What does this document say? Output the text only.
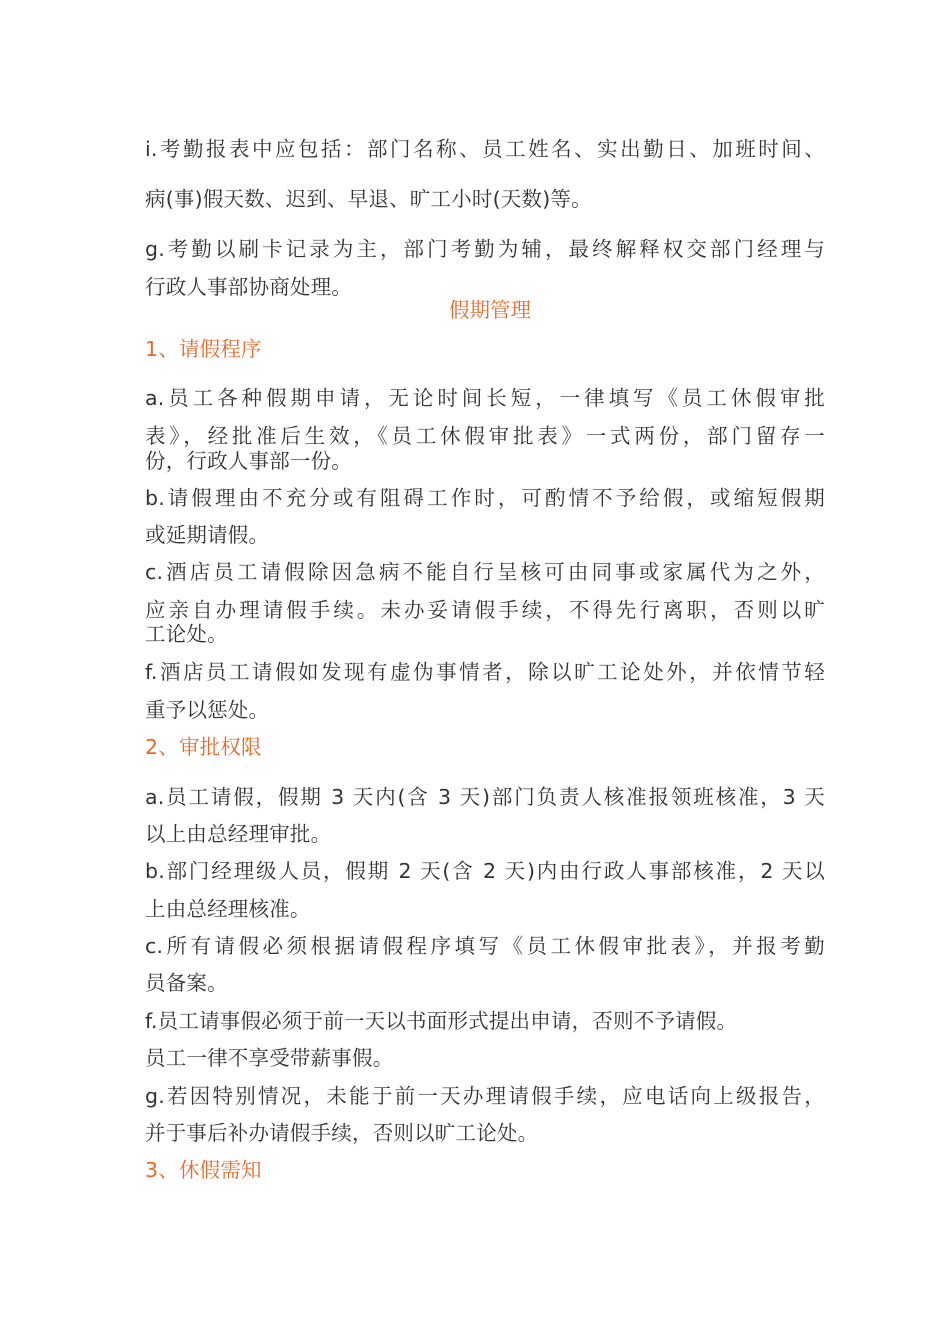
i.考勤报表中应包括：部门名称、员工姓名、实出勤日、加班时间、
病(事)假天数、迟到、早退、旷工小时(天数)等。
g.考勤以刷卡记录为主，部门考勤为辅，最终解释权交部门经理与
行政人事部协商处理。
假期管理
1、请假程序
a.员工各种假期申请，无论时间长短，一律填写《员工休假审批
表》，经批准后生效，《员工休假审批表》一式两份，部门留存一
份，行政人事部一份。
b.请假理由不充分或有阻碍工作时，可酌情不予给假，或缩短假期
或延期请假。
c.酒店员工请假除因急病不能自行呈核可由同事或家属代为之外，
应亲自办理请假手续。未办妥请假手续，不得先行离职，否则以旷
工论处。
f.酒店员工请假如发现有虚伪事情者，除以旷工论处外，并依情节轻
重予以惩处。
2、审批权限
a.员工请假，假期 3 天内(含 3 天)部门负责人核准报领班核准，3 天
以上由总经理审批。
b.部门经理级人员，假期 2 天(含 2 天)内由行政人事部核准，2 天以
上由总经理核准。
c.所有请假必须根据请假程序填写《员工休假审批表》，并报考勤
员备案。
f.员工请事假必须于前一天以书面形式提出申请，否则不予请假。
员工一律不享受带薪事假。
g.若因特别情况，未能于前一天办理请假手续，应电话向上级报告，
并于事后补办请假手续，否则以旷工论处。
3、休假需知
